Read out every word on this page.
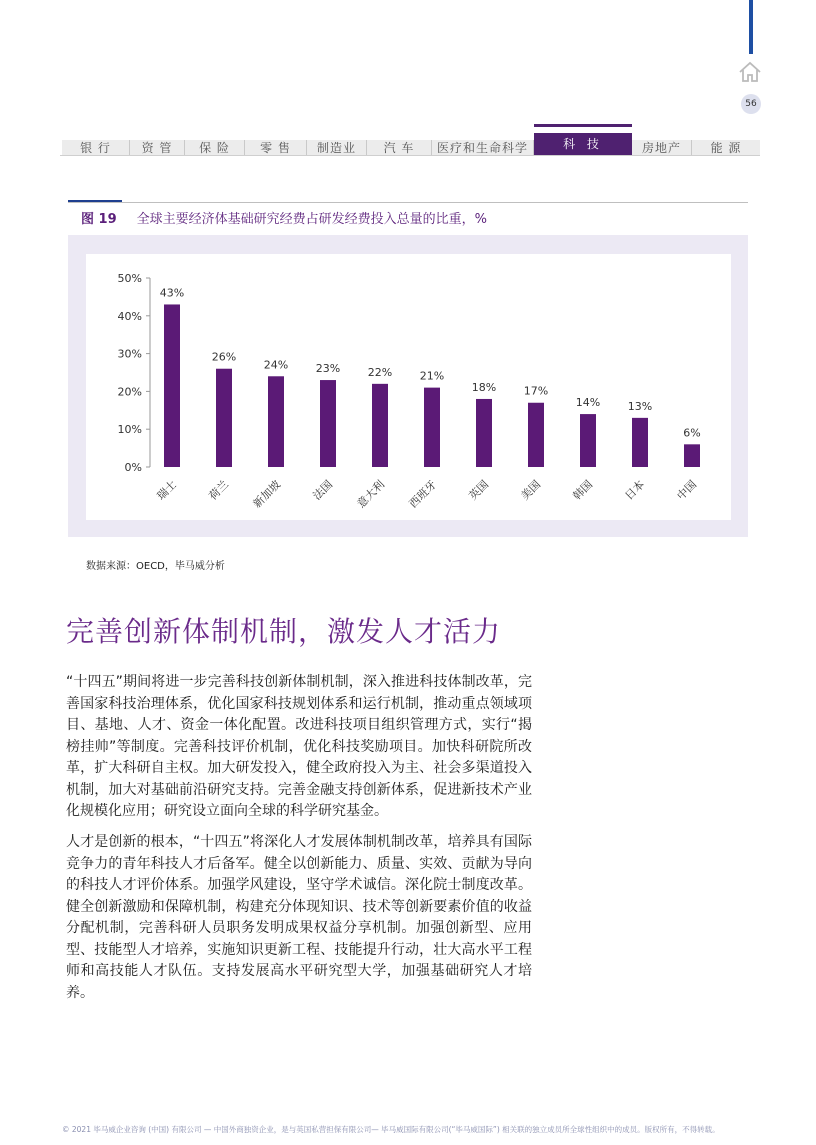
56
银 行	资 管	保 险	零 售	制造业	汽 车	医疗和生命科学	科 技	房地产	能 源
图 19 全球主要经济体基础研究经费占研发经费投入总量的比重，%
0%
10%
20%
30%
40%
50%
43%
瑞士
26%
荷兰
24%
新加坡
23%
法国
22%
意大利
21%
西班牙
18%
英国
17%
美国
14%
韩国
13%
日本
6%
中国
数据来源：OECD，毕马威分析
完善创新体制机制，激发人才活力

“十四五”期间将进一步完善科技创新体制机制，深入推进科技体制改革，完善国家科技治理体系，优化国家科技规划体系和运行机制，推动重点领域项目、基地、人才、资金一体化配置。改进科技项目组织管理方式，实行“揭榜挂帅”等制度。完善科技评价机制，优化科技奖励项目。加快科研院所改革，扩大科研自主权。加大研发投入，健全政府投入为主、社会多渠道投入机制，加大对基础前沿研究支持。完善金融支持创新体系，促进新技术产业化规模化应用；研究设立面向全球的科学研究基金。

人才是创新的根本，“十四五”将深化人才发展体制机制改革，培养具有国际竞争力的青年科技人才后备军。健全以创新能力、质量、实效、贡献为导向的科技人才评价体系。加强学风建设，坚守学术诚信。深化院士制度改革。健全创新激励和保障机制，构建充分体现知识、技术等创新要素价值的收益分配机制，完善科研人员职务发明成果权益分享机制。加强创新型、应用型、技能型人才培养，实施知识更新工程、技能提升行动，壮大高水平工程师和高技能人才队伍。支持发展高水平研究型大学，加强基础研究人才培养。

© 2021 毕马威企业咨询 (中国) 有限公司 — 中国外商独资企业，是与英国私营担保有限公司— 毕马威国际有限公司(“毕马威国际”) 相关联的独立成员所全球性组织中的成员。版权所有，不得转载。
